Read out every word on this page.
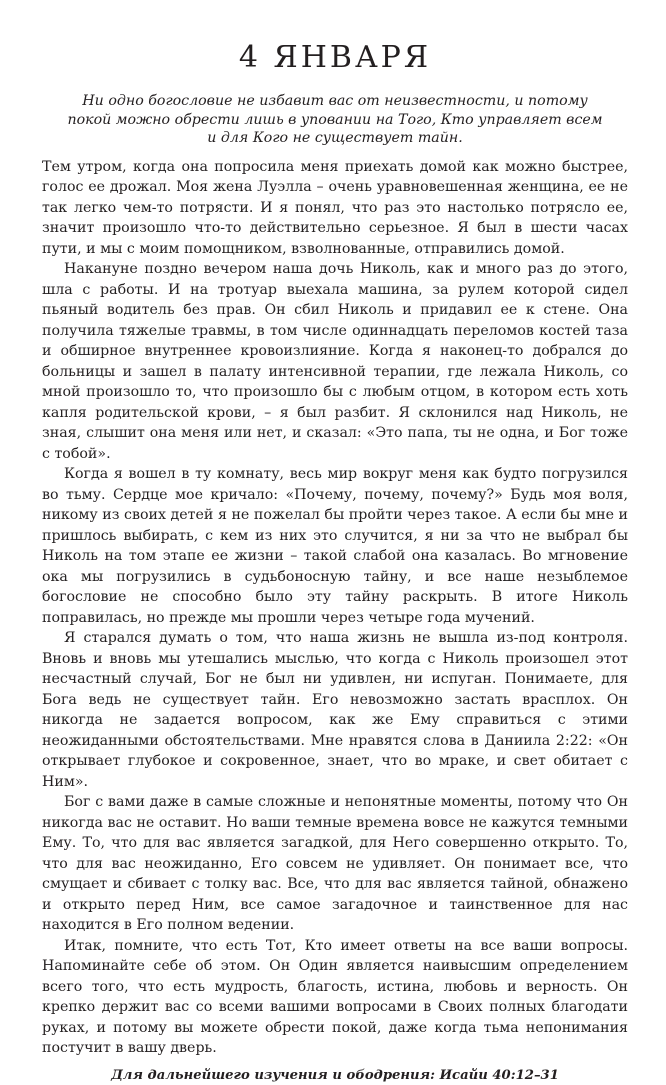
4 ЯНВАРЯ
Ни одно богословие не избавит вас от неизвестности, и потому покой можно обрести лишь в уповании на Того, Кто управляет всем и для Кого не существует тайн.

Тем утром, когда она попросила меня приехать домой как можно быстрее, голос ее дрожал. Моя жена Луэлла – очень уравновешенная женщина, ее не так легко чем-то потрясти. И я понял, что раз это настолько потрясло ее, значит произошло что-то действительно серьезное. Я был в шести часах пути, и мы с моим помощником, взволнованные, отправились домой.

Накануне поздно вечером наша дочь Николь, как и много раз до этого, шла с работы. И на тротуар выехала машина, за рулем которой сидел пьяный водитель без прав. Он сбил Николь и придавил ее к стене. Она получила тяжелые травмы, в том числе одиннадцать переломов костей таза и обширное внутреннее кровоизлияние. Когда я наконец-то добрался до больницы и зашел в палату интенсивной терапии, где лежала Николь, со мной произошло то, что произошло бы с любым отцом, в котором есть хоть капля родительской крови, – я был разбит. Я склонился над Николь, не зная, слышит она меня или нет, и сказал: «Это папа, ты не одна, и Бог тоже с тобой».

Когда я вошел в ту комнату, весь мир вокруг меня как будто погрузился во тьму. Сердце мое кричало: «Почему, почему, почему?» Будь моя воля, никому из своих детей я не пожелал бы пройти через такое. А если бы мне и пришлось выбирать, с кем из них это случится, я ни за что не выбрал бы Николь на том этапе ее жизни – такой слабой она казалась. Во мгновение ока мы погрузились в судьбоносную тайну, и все наше незыблемое богословие не способно было эту тайну раскрыть. В итоге Николь поправилась, но прежде мы прошли через четыре года мучений.

Я старался думать о том, что наша жизнь не вышла из-под контроля. Вновь и вновь мы утешались мыслью, что когда с Николь произошел этот несчастный случай, Бог не был ни удивлен, ни испуган. Понимаете, для Бога ведь не существует тайн. Его невозможно застать врасплох. Он никогда не задается вопросом, как же Ему справиться с этими неожиданными обстоятельствами. Мне нравятся слова в Даниила 2:22: «Он открывает глубокое и сокровенное, знает, что во мраке, и свет обитает с Ним».

Бог с вами даже в самые сложные и непонятные моменты, потому что Он никогда вас не оставит. Но ваши темные времена вовсе не кажутся темными Ему. То, что для вас является загадкой, для Него совершенно открыто. То, что для вас неожиданно, Его совсем не удивляет. Он понимает все, что смущает и сбивает с толку вас. Все, что для вас является тайной, обнажено и открыто перед Ним, все самое загадочное и таинственное для нас находится в Его полном ведении.

Итак, помните, что есть Тот, Кто имеет ответы на все ваши вопросы. Напоминайте себе об этом. Он Один является наивысшим определением всего того, что есть мудрость, благость, истина, любовь и верность. Он крепко держит вас со всеми вашими вопросами в Своих полных благодати руках, и потому вы можете обрести покой, даже когда тьма непонимания постучит в вашу дверь.

Для дальнейшего изучения и ободрения: Исайи 40:12–31
